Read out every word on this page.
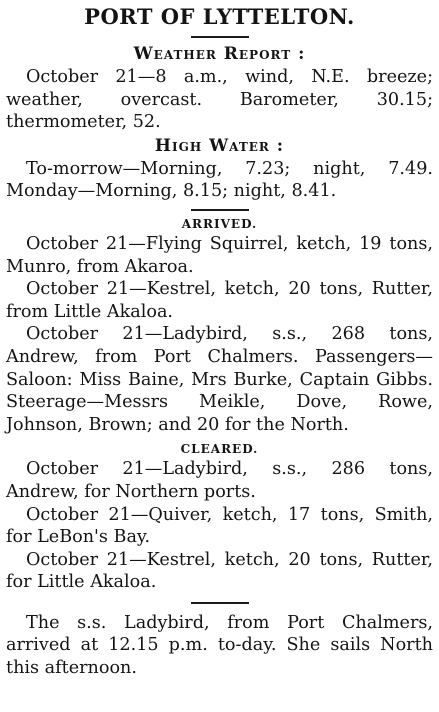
PORT OF LYTTELTON.
Weather Report :

October 21—8 a.m., wind, N.E. breeze; weather, overcast. Barometer, 30.15; thermometer, 52.

High Water :

To-morrow—Morning, 7.23; night, 7.49. Monday—Morning, 8.15; night, 8.41.

ARRIVED.

October 21—Flying Squirrel, ketch, 19 tons, Munro, from Akaroa.

October 21—Kestrel, ketch, 20 tons, Rutter, from Little Akaloa.

October 21—Ladybird, s.s., 268 tons, Andrew, from Port Chalmers. Passengers—Saloon: Miss Baine, Mrs Burke, Captain Gibbs. Steerage—Messrs Meikle, Dove, Rowe, Johnson, Brown; and 20 for the North.

CLEARED.

October 21—Ladybird, s.s., 286 tons, Andrew, for Northern ports.

October 21—Quiver, ketch, 17 tons, Smith, for LeBon's Bay.

October 21—Kestrel, ketch, 20 tons, Rutter, for Little Akaloa.

The s.s. Ladybird, from Port Chalmers, arrived at 12.15 p.m. to-day. She sails North this afternoon.
